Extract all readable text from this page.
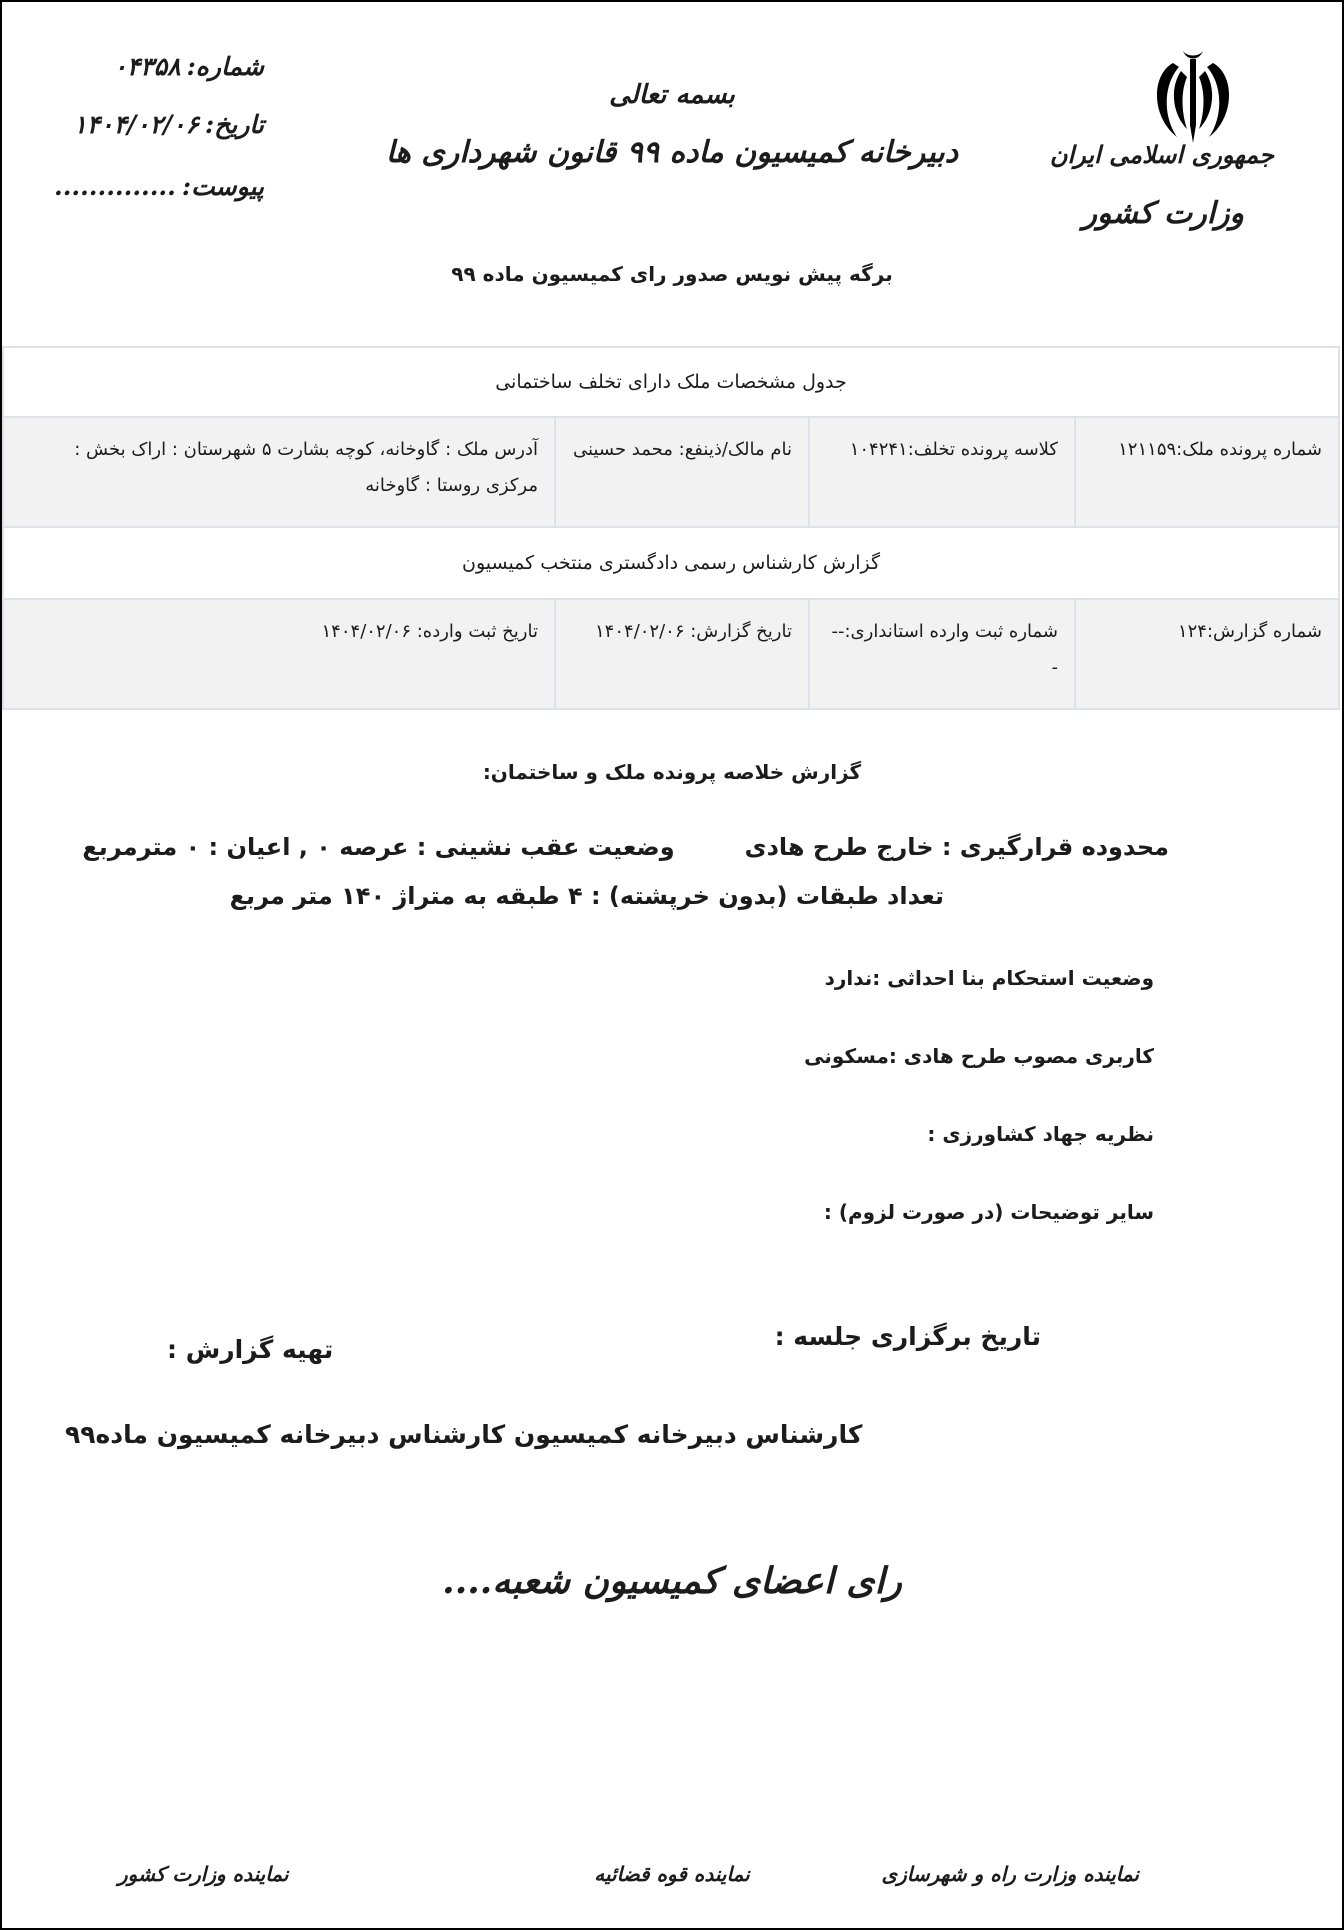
شماره:۰۴۳۵۸
تاریخ:۱۴۰۴/۰۲/۰۶
پیوست:..............
بسمه تعالی
دبیرخانه کمیسیون ماده ۹۹ قانون شهرداری ها	جمهوری اسلامی ایران
وزارت کشور
برگه پیش نویس صدور رای کمیسیون ماده ۹۹
جدول مشخصات ملک دارای تخلف ساختمانی
شماره پرونده ملک:۱۲۱۱۵۹	کلاسه پرونده تخلف:۱۰۴۲۴۱	نام مالک/ذینفع: محمد حسینی	آدرس ملک : گاوخانه، کوچه بشارت ۵ شهرستان : اراک بخش : مرکزی روستا : گاوخانه
گزارش کارشناس رسمی دادگستری منتخب کمیسیون
شماره گزارش:۱۲۴	شماره ثبت وارده استانداری:---	تاریخ گزارش: ۱۴۰۴/۰۲/۰۶	تاریخ ثبت وارده: ۱۴۰۴/۰۲/۰۶
گزارش خلاصه پرونده ملک و ساختمان:
محدوده قرارگیری : خارج طرح هادیوضعیت عقب نشینی : عرصه ۰ , اعیان : ۰ مترمربع
تعداد طبقات (بدون خرپشته) : ۴ طبقه به متراژ ۱۴۰ متر مربع
وضعیت استحکام بنا احداثی :ندارد
کاربری مصوب طرح هادی :مسکونی
نظریه جهاد کشاورزی :
سایر توضیحات (در صورت لزوم) :
تاریخ برگزاری جلسه :
تهیه گزارش :
کارشناس دبیرخانه کمیسیون کارشناس دبیرخانه کمیسیون ماده۹۹
رای اعضای کمیسیون شعبه....
نماینده وزارت راه و شهرسازی
نماینده قوه قضائیه
نماینده وزارت کشور
